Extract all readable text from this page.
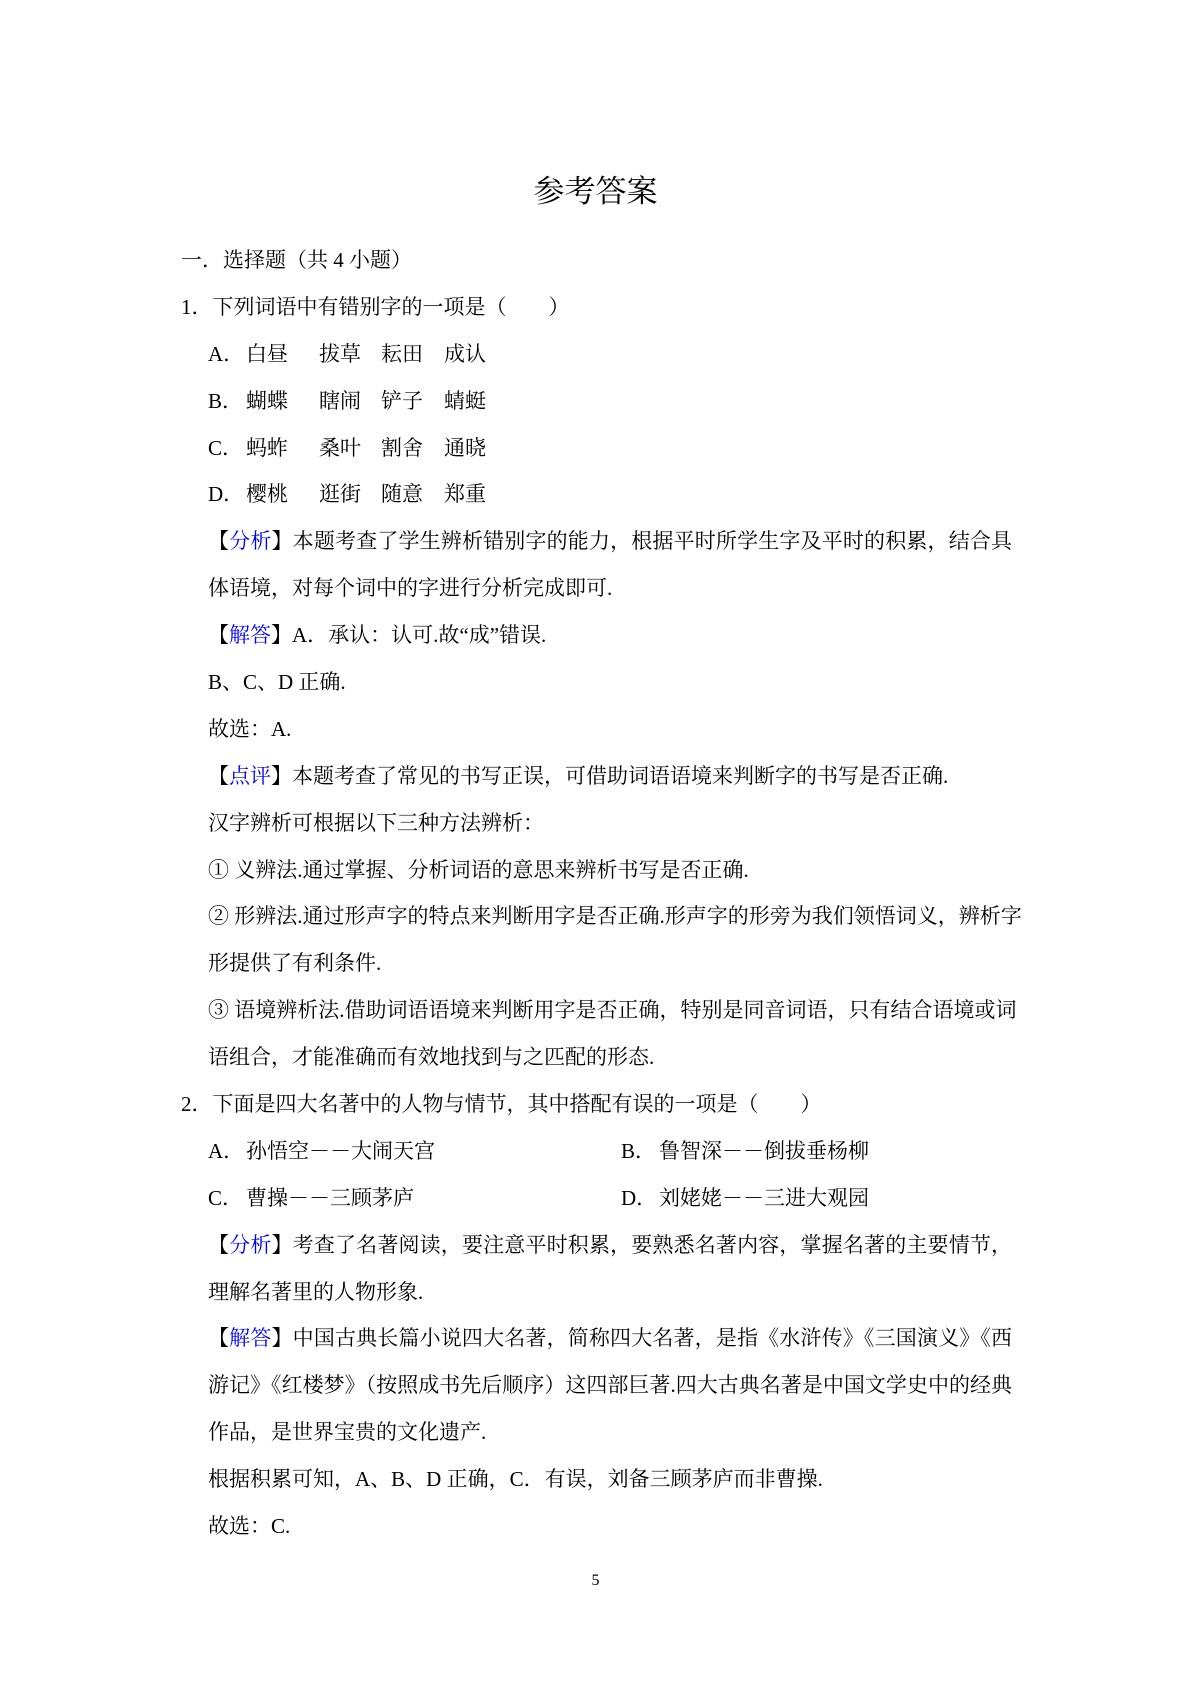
参考答案
一．选择题（共 4 小题）
1．下列词语中有错别字的一项是（　　）
A．白昼 拔草 耘田 成认
B． 蝴蝶 瞎闹 铲子 蜻蜓
C． 蚂蚱 桑叶 割舍 通晓
D．樱桃 逛街 随意 郑重
【分析】本题考查了学生辨析错别字的能力，根据平时所学生字及平时的积累，结合具
体语境，对每个词中的字进行分析完成即可.
【解答】A．承认：认可.故“成”错误.
B、C、D 正确.
故选：A.
【点评】本题考查了常见的书写正误，可借助词语语境来判断字的书写是否正确.
汉字辨析可根据以下三种方法辨析：
① 义辨法.通过掌握、分析词语的意思来辨析书写是否正确.
② 形辨法.通过形声字的特点来判断用字是否正确.形声字的形旁为我们领悟词义，辨析字
形提供了有利条件.
③ 语境辨析法.借助词语语境来判断用字是否正确，特别是同音词语，只有结合语境或词
语组合，才能准确而有效地找到与之匹配的形态.
2．下面是四大名著中的人物与情节，其中搭配有误的一项是（　　）
A．孙悟空－－大闹天宫	B． 鲁智深－－倒拔垂杨柳
C． 曹操－－三顾茅庐	D．刘姥姥－－三进大观园
【分析】考查了名著阅读，要注意平时积累，要熟悉名著内容，掌握名著的主要情节，
理解名著里的人物形象.
【解答】中国古典长篇小说四大名著，简称四大名著，是指《水浒传》《三国演义》《西
游记》《红楼梦》（按照成书先后顺序）这四部巨著.四大古典名著是中国文学史中的经典
作品，是世界宝贵的文化遗产.
根据积累可知，A、B、D 正确，C．有误，刘备三顾茅庐而非曹操.
故选：C.
5
